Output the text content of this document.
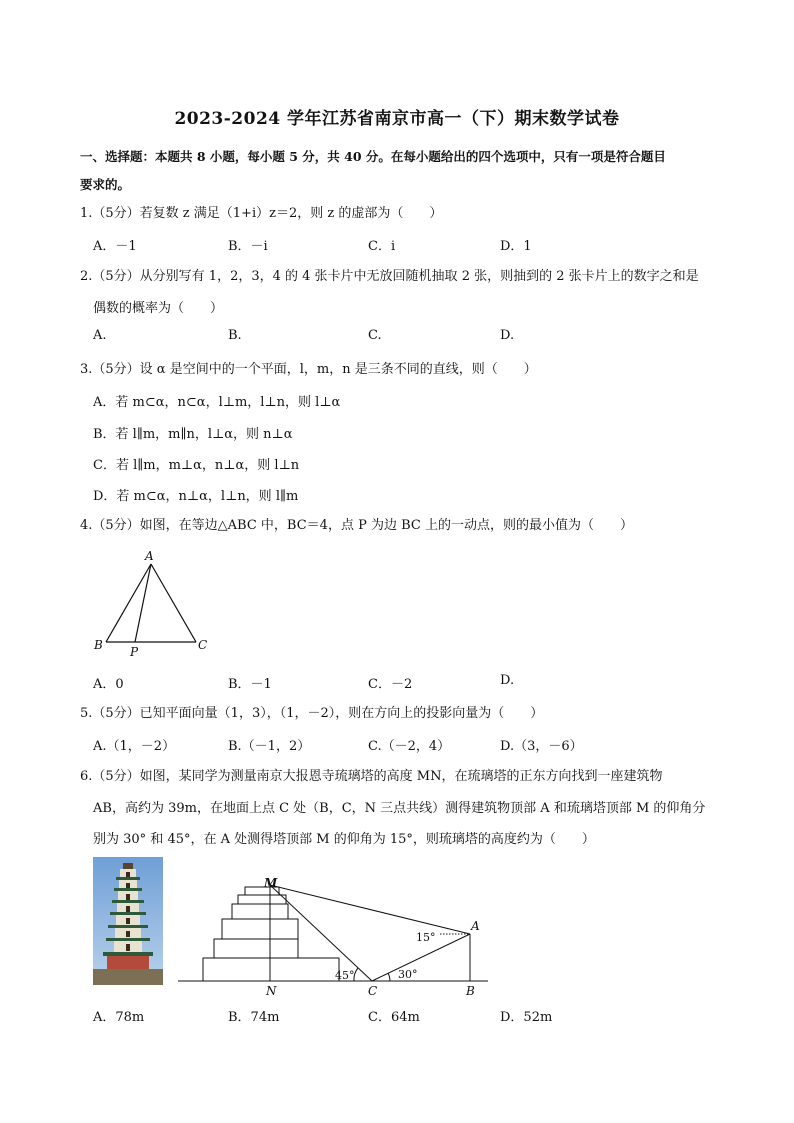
2023-2024 学年江苏省南京市高一（下）期末数学试卷
一、选择题：本题共 8 小题，每小题 5 分，共 40 分。在每小题给出的四个选项中，只有一项是符合题目
要求的。
1.（5分）若复数 z 满足（1+i）z＝2，则 z 的虚部为（　　）
A．－1	B．－i	C．i	D．1
2.（5分）从分别写有 1，2，3，4 的 4 张卡片中无放回随机抽取 2 张，则抽到的 2 张卡片上的数字之和是
偶数的概率为（　　）
A.	B.	C.	D.
3.（5分）设 α 是空间中的一个平面，l，m，n 是三条不同的直线，则（　　）
A．若 m⊂α，n⊂α，l⊥m，l⊥n，则 l⊥α
B．若 l∥m，m∥n，l⊥α，则 n⊥α
C．若 l∥m，m⊥α，n⊥α，则 l⊥n
D．若 m⊂α，n⊥α，l⊥n，则 l∥m
4.（5分）如图，在等边△ABC 中，BC＝4，点 P 为边 BC 上的一动点，则的最小值为（　　）
A
B P	C
A．0	B．－1	C．－2	D.
5.（5分）已知平面向量（1，3），（1，－2），则在方向上的投影向量为（　　）
A.（1，－2）	B.（－1，2）	C.（－2，4）	D.（3，－6）
6.（5分）如图，某同学为测量南京大报恩寺琉璃塔的高度 MN，在琉璃塔的正东方向找到一座建筑物
AB，高约为 39m，在地面上点 C 处（B，C，N 三点共线）测得建筑物顶部 A 和琉璃塔顶部 M 的仰角分
别为 30° 和 45°，在 A 处测得塔顶部 M 的仰角为 15°，则琉璃塔的高度约为（　　）
M
A
15°
45°	30°
N	C	B
A．78m	B．74m	C．64m	D．52m
